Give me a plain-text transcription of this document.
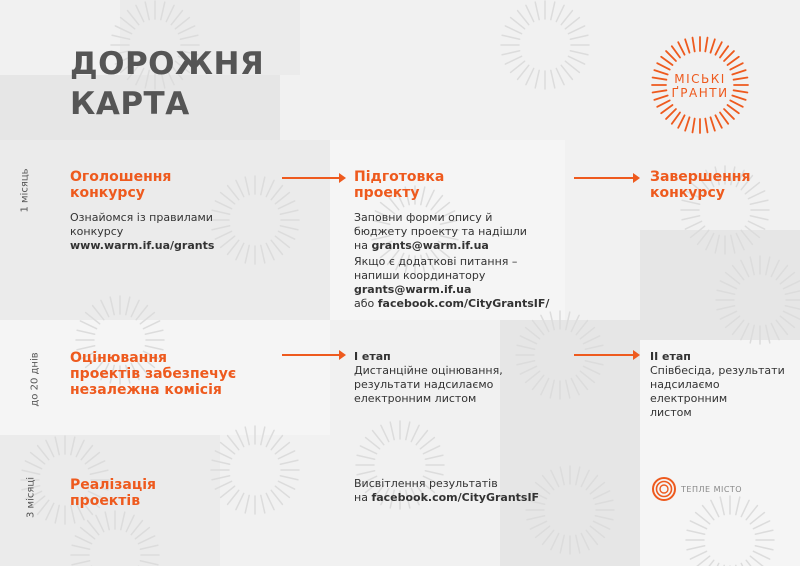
ДОРОЖНЯ
КАРТА
МІСЬКІ
ҐРАНТИ
1 місяць
до 20 днів
3 місяці
Оголошення
конкурсу
Ознайомся із правилами
конкурсу
www.warm.if.ua/grants
Підготовка
проекту
Заповни форми опису й
бюджету проекту та надішли
на grants@warm.if.ua
Якщо є додаткові питання –
напиши координатору
grants@warm.if.ua
або facebook.com/CityGrantsIF/
Завершення
конкурсу
Оцінювання
проектів забезпечує
незалежна комісія
І етап
Дистанційне оцінювання,
результати надсилаємо
електронним листом
ІІ етап
Співбесіда, результати
надсилаємо електронним
листом
Реалізація
проектів
Висвітлення результатів
на facebook.com/CityGrantsIF
ТЕПЛЕ МІСТО
